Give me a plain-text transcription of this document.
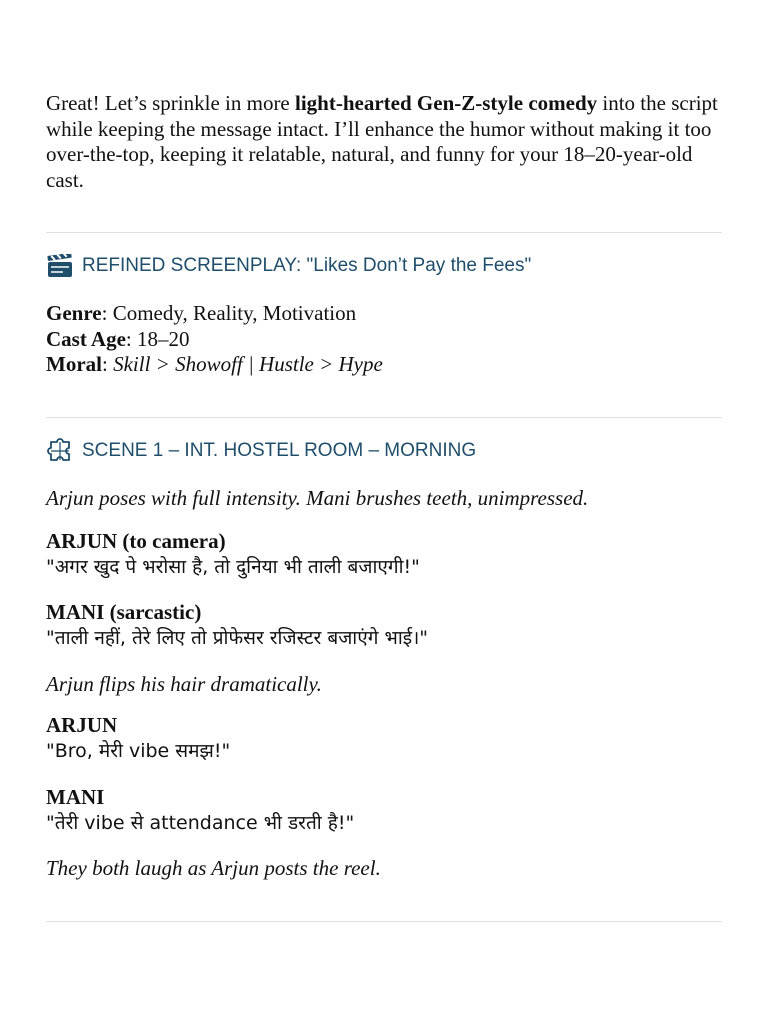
Great! Let’s sprinkle in more light-hearted Gen-Z-style comedy into the script while keeping the message intact. I’ll enhance the humor without making it too over-the-top, keeping it relatable, natural, and funny for your 18–20-year-old cast.

REFINED SCREENPLAY: "Likes Don’t Pay the Fees"
Genre: Comedy, Reality, Motivation
Cast Age: 18–20
Moral: Skill > Showoff | Hustle > Hype
SCENE 1 – INT. HOSTEL ROOM – MORNING

Arjun poses with full intensity. Mani brushes teeth, unimpressed.

ARJUN (to camera)
"अगर खुद पे भरोसा है, तो दुनिया भी ताली बजाएगी!"
MANI (sarcastic)
"ताली नहीं, तेरे लिए तो प्रोफेसर रजिस्टर बजाएंगे भाई।"

Arjun flips his hair dramatically.

ARJUN
"Bro, मेरी vibe समझ!"
MANI
"तेरी vibe से attendance भी डरती है!"

They both laugh as Arjun posts the reel.
